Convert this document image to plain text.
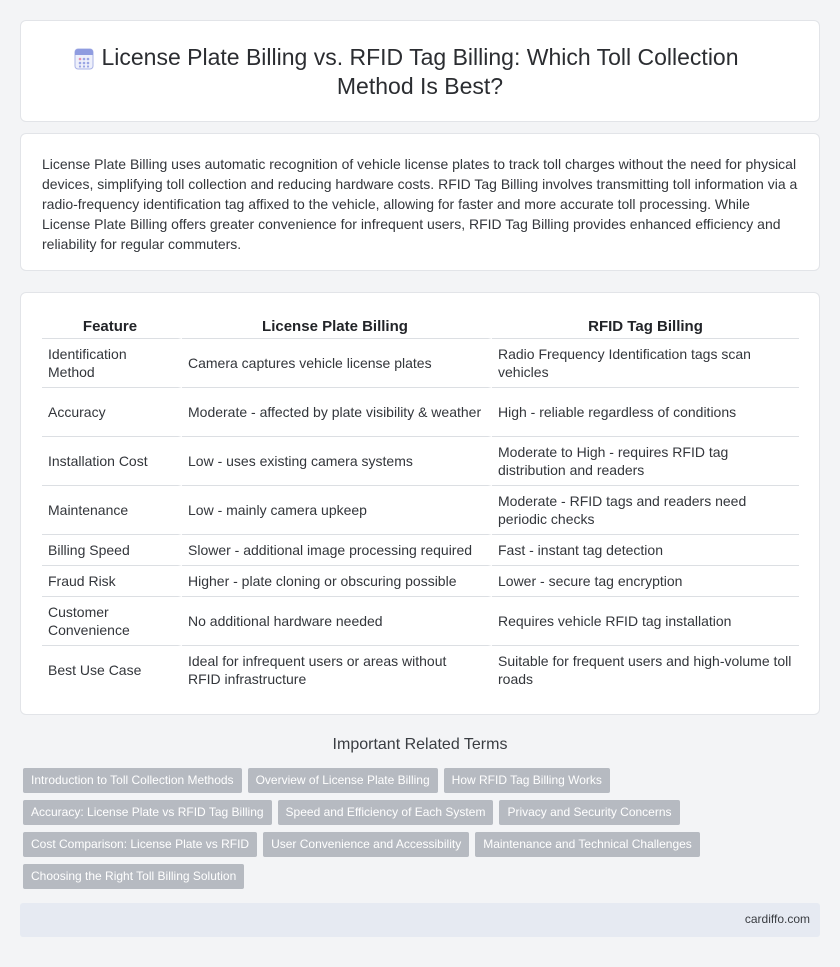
License Plate Billing vs. RFID Tag Billing: Which Toll Collection Method Is Best?

License Plate Billing uses automatic recognition of vehicle license plates to track toll charges without the need for physical devices, simplifying toll collection and reducing hardware costs. RFID Tag Billing involves transmitting toll information via a radio-frequency identification tag affixed to the vehicle, allowing for faster and more accurate toll processing. While License Plate Billing offers greater convenience for infrequent users, RFID Tag Billing provides enhanced efficiency and reliability for regular commuters.

Feature	License Plate Billing	RFID Tag Billing
Identification Method	Camera captures vehicle license plates	Radio Frequency Identification tags scan vehicles
Accuracy	Moderate - affected by plate visibility & weather	High - reliable regardless of conditions
Installation Cost	Low - uses existing camera systems	Moderate to High - requires RFID tag distribution and readers
Maintenance	Low - mainly camera upkeep	Moderate - RFID tags and readers need periodic checks
Billing Speed	Slower - additional image processing required	Fast - instant tag detection
Fraud Risk	Higher - plate cloning or obscuring possible	Lower - secure tag encryption
Customer Convenience	No additional hardware needed	Requires vehicle RFID tag installation
Best Use Case	Ideal for infrequent users or areas without RFID infrastructure	Suitable for frequent users and high-volume toll roads
Important Related Terms
Introduction to Toll Collection Methods	Overview of License Plate Billing	How RFID Tag Billing Works
Accuracy: License Plate vs RFID Tag Billing	Speed and Efficiency of Each System	Privacy and Security Concerns
Cost Comparison: License Plate vs RFID	User Convenience and Accessibility	Maintenance and Technical Challenges
Choosing the Right Toll Billing Solution
cardiffo.com
